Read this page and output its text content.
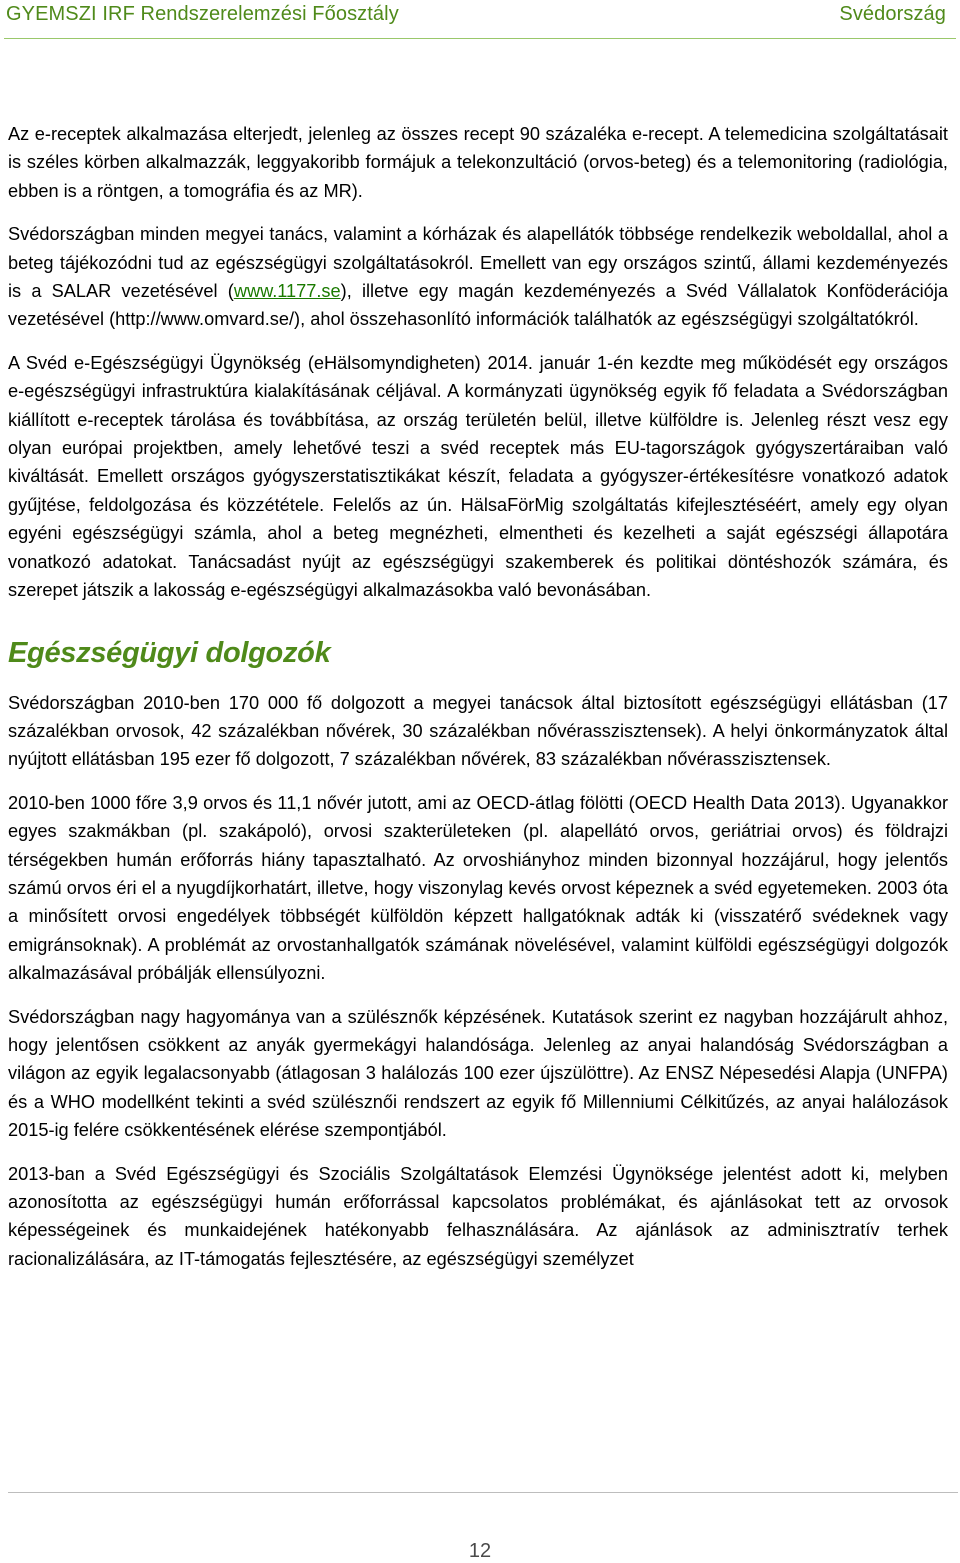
GYEMSZI IRF Rendszerelemzési Főosztály	Svédország

Az e-receptek alkalmazása elterjedt, jelenleg az összes recept 90 százaléka e-recept. A telemedicina szolgáltatásait is széles körben alkalmazzák, leggyakoribb formájuk a telekonzultáció (orvos-beteg) és a telemonitoring (radiológia, ebben is a röntgen, a tomográfia és az MR).

Svédországban minden megyei tanács, valamint a kórházak és alapellátók többsége rendelkezik weboldallal, ahol a beteg tájékozódni tud az egészségügyi szolgáltatásokról. Emellett van egy országos szintű, állami kezdeményezés is a SALAR vezetésével (www.1177.se), illetve egy magán kezdeményezés a Svéd Vállalatok Konföderációja vezetésével (http://www.omvard.se/), ahol összehasonlító információk találhatók az egészségügyi szolgáltatókról.

A Svéd e-Egészségügyi Ügynökség (eHälsomyndigheten) 2014. január 1-én kezdte meg működését egy országos e-egészségügyi infrastruktúra kialakításának céljával. A kormányzati ügynökség egyik fő feladata a Svédországban kiállított e-receptek tárolása és továbbítása, az ország területén belül, illetve külföldre is. Jelenleg részt vesz egy olyan európai projektben, amely lehetővé teszi a svéd receptek más EU-tagországok gyógyszertáraiban való kiváltását. Emellett országos gyógyszerstatisztikákat készít, feladata a gyógyszer-értékesítésre vonatkozó adatok gyűjtése, feldolgozása és közzététele. Felelős az ún. HälsaFörMig szolgáltatás kifejlesztéséért, amely egy olyan egyéni egészségügyi számla, ahol a beteg megnézheti, elmentheti és kezelheti a saját egészségi állapotára vonatkozó adatokat. Tanácsadást nyújt az egészségügyi szakemberek és politikai döntéshozók számára, és szerepet játszik a lakosság e-egészségügyi alkalmazásokba való bevonásában.

Egészségügyi dolgozók

Svédországban 2010-ben 170 000 fő dolgozott a megyei tanácsok által biztosított egészségügyi ellátásban (17 százalékban orvosok, 42 százalékban nővérek, 30 százalékban nővérasszisztensek). A helyi önkormányzatok által nyújtott ellátásban 195 ezer fő dolgozott, 7 százalékban nővérek, 83 százalékban nővérasszisztensek.

2010-ben 1000 főre 3,9 orvos és 11,1 nővér jutott, ami az OECD-átlag fölötti (OECD Health Data 2013). Ugyanakkor egyes szakmákban (pl. szakápoló), orvosi szakterületeken (pl. alapellátó orvos, geriátriai orvos) és földrajzi térségekben humán erőforrás hiány tapasztalható. Az orvoshiányhoz minden bizonnyal hozzájárul, hogy jelentős számú orvos éri el a nyugdíjkorhatárt, illetve, hogy viszonylag kevés orvost képeznek a svéd egyetemeken. 2003 óta a minősített orvosi engedélyek többségét külföldön képzett hallgatóknak adták ki (visszatérő svédeknek vagy emigránsoknak). A problémát az orvostanhallgatók számának növelésével, valamint külföldi egészségügyi dolgozók alkalmazásával próbálják ellensúlyozni.

Svédországban nagy hagyománya van a szülésznők képzésének. Kutatások szerint ez nagyban hozzájárult ahhoz, hogy jelentősen csökkent az anyák gyermekágyi halandósága. Jelenleg az anyai halandóság Svédországban a világon az egyik legalacsonyabb (átlagosan 3 halálozás 100 ezer újszülöttre). Az ENSZ Népesedési Alapja (UNFPA) és a WHO modellként tekinti a svéd szülésznői rendszert az egyik fő Millenniumi Célkitűzés, az anyai halálozások 2015-ig felére csökkentésének elérése szempontjából.

2013-ban a Svéd Egészségügyi és Szociális Szolgáltatások Elemzési Ügynöksége jelentést adott ki, melyben azonosította az egészségügyi humán erőforrással kapcsolatos problémákat, és ajánlásokat tett az orvosok képességeinek és munkaidejének hatékonyabb felhasználására. Az ajánlások az adminisztratív terhek racionalizálására, az IT-támogatás fejlesztésére, az egészségügyi személyzet

12
